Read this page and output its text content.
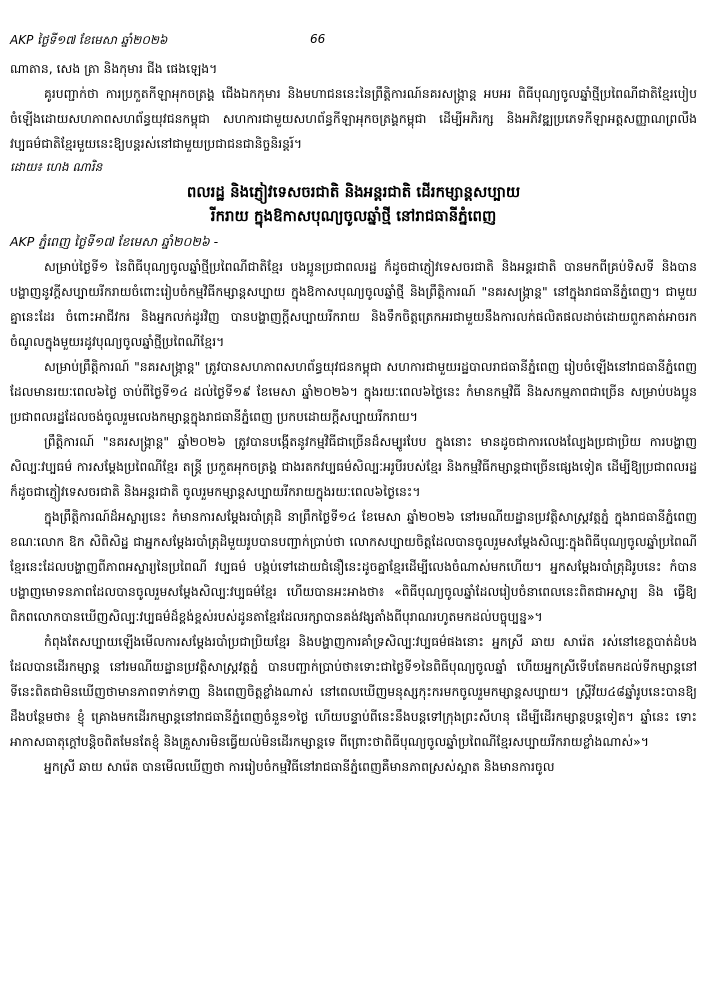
AKP ថ្ងៃទី១៧ ខែមេសា ឆ្នាំ២០២៦	66

ណាតាន, សេង ត្រា និងកុមារ ជីង ផេងឡេង។

គូរបញ្ជាក់ថា ការប្រកួតកីឡាអុកចត្រង្គ ជើងឯកកុមារ និងមហាជននេះនៃព្រឹត្តិការណ៍នគរសង្ក្រាន្ត អបអរ ពិធីបុណ្យចូលឆ្នាំថ្មីប្រពៃណីជាតិខ្មែរបៀបចំឡើងដោយសហភាពសហព័ន្ធយុវជនកម្ពុជា សហការជាមួយសហព័ន្ធកីឡាអុកចត្រង្គកម្ពុជា ដើម្បីអភិរក្ស និងអភិវឌ្ឍប្រភេទកីឡាអត្តសញ្ញាណព្រលឹងវប្បធម៌ជាតិខ្មែរមួយនេះឱ្យបន្តរស់នៅជាមួយប្រជាជនជានិច្ចនិរន្តរ៍។

ដោយ៖ ហេង ណារិន

ពលរដ្ឋ និងភ្ញៀវទេសចរជាតិ និងអន្តរជាតិ ដើរកម្សាន្តសប្បាយ
រីករាយ ក្នុងឱកាសបុណ្យចូលឆ្នាំថ្មី នៅរាជធានីភ្នំពេញ

AKP ភ្នំពេញ ថ្ងៃទី១៧ ខែមេសា ឆ្នាំ២០២៦ -

សម្រាប់ថ្ងៃទី១ នៃពិធីបុណ្យចូលឆ្នាំថ្មីប្រពៃណីជាតិខ្មែរ បងប្អូនប្រជាពលរដ្ឋ ក៏ដូចជាភ្ញៀវទេសចរជាតិ និងអន្តរជាតិ បានមកពីគ្រប់ទិសទី និងបានបង្ហាញនូវក្តីសប្បាយរីករាយចំពោះរៀបចំកម្មវិធីកម្សាន្តសប្បាយ ក្នុងឱកាសបុណ្យចូលឆ្នាំថ្មី និងព្រឹត្តិការណ៍ "នគរសង្ក្រាន្ត" នៅក្នុងរាជធានីភ្នំពេញ។ ជាមួយគ្នានេះដែរ ចំពោះអាជីវករ និងអ្នកលក់ដូរវិញ បានបង្ហាញក្តីសប្បាយរីករាយ និងទឹកចិត្តត្រេកអរជាមួយនឹងការលក់ផលិតផលដាច់ដោយពួកគាត់អាចរកចំណូលក្នុងមួយរដូវបុណ្យចូលឆ្នាំថ្មីប្រពៃណីខ្មែរ។

សម្រាប់ព្រឹត្តិការណ៍ "នគរសង្ក្រាន្ត" ត្រូវបានសហភាពសហព័ន្ធយុវជនកម្ពុជា សហការជាមួយរដ្ឋបាលរាជធានីភ្នំពេញ រៀបចំឡើងនៅរាជធានីភ្នំពេញ ដែលមានរយៈពេល៦ថ្ងៃ ចាប់ពីថ្ងៃទី១៤ ដល់ថ្ងៃទី១៩ ខែមេសា ឆ្នាំ២០២៦។ ក្នុងរយៈពេល៦ថ្ងៃនេះ កំមានកម្មវិធី និងសកម្មភាពជាច្រើន សម្រាប់បងប្អូនប្រជាពលរដ្ឋដែលចង់ចូលរួមលេងកម្សាន្តក្នុងរាជធានីភ្នំពេញ ប្រកបដោយក្តីសប្បាយរីករាយ។

ព្រឹត្តិការណ៍ "នគរសង្ក្រាន្ត" ឆ្នាំ២០២៦ ត្រូវបានបង្កើតនូវកម្មវិធីជាច្រើនដ៏សម្បូរបែប ក្នុងនោះ មានដូចជាការលេងល្បែងប្រជាប្រិយ ការបង្ហាញសិល្បៈវប្បធម៌ ការសម្តែងប្រពៃណីខ្មែរ តន្ត្រី ប្រកួតអុកចត្រង្គ ជាងរតកវប្បធម៌សិល្បៈអរូបីរបស់ខ្មែរ និងកម្មវិធីកម្សាន្តជាច្រើនផ្សេងទៀត ដើម្បីឱ្យប្រជាពលរដ្ឋក៏ដូចជាភ្ញៀវទេសចរជាតិ និងអន្តរជាតិ ចូលរួមកម្សាន្តសប្បាយរីករាយក្នុងរយៈពេល៦ថ្ងៃនេះ។

ក្នុងព្រឹត្តិការណ៍ដ៏អស្ចារ្យនេះ កំមានការសម្តែងរបាំត្រុដិ នាព្រឹកថ្ងៃទី១៤ ខែមេសា ឆ្នាំ២០២៦ នៅរមណីយដ្ឋានប្រវត្តិសាស្ត្រវត្តភ្នំ ក្នុងរាជធានីភ្នំពេញ ខណៈលោក ឱក សិពិសិដ្ឋ ជាអ្នកសម្តែងរបាំត្រុដិមួយរូបបានបញ្ជាក់ប្រាប់ថា លោកសប្បាយចិត្តដែលបានចូលរួមសម្តែងសិល្បៈក្នុងពិធីបុណ្យចូលឆ្នាំប្រពៃណីខ្មែរនេះដែលបង្ហាញពីភាពអស្ចារ្យនៃប្រពៃណី វប្បធម៌ បង្កប់ទៅដោយជំនឿនេះដូចគ្នាខ្មែរដើម្បីលេងចំណាស់មកហើយ។ អ្នកសម្តែងរបាំត្រុដិរូបនេះ កំបានបង្ហាញមោទនភាពដែលបានចូលរួមសម្តែងសិល្បៈវប្បធម៌ខ្មែរ ហើយបានអះអាងថា៖ «ពិធីបុណ្យចូលឆ្នាំដែលរៀបចំនាពេលនេះពិតជាអស្ចារ្យ និង ធ្វើឱ្យពិភពលោកបានឃើញសិល្បៈវប្បធម៌ដ៏ខ្ពង់ខ្ពស់របស់ដូនតាខ្មែរដែលរក្សាបានគង់វង្សតាំងពីបុរាណរហូតមកដល់បច្ចុប្បន្ន»។

កំពុងតែសប្បាយឡើងមើលការសម្តែងរបាំប្រជាប្រិយខ្មែរ និងបង្ហាញការគាំទ្រសិល្បៈវប្បធម៌ផងនោះ អ្នកស្រី ឆាយ សារ៉េត រស់នៅខេត្តបាត់ដំបង ដែលបានដើរកម្សាន្ត នៅរមណីយដ្ឋានប្រវត្តិសាស្ត្រវត្តភ្នំ បានបញ្ជាក់ប្រាប់ថា៖ទោះជាថ្ងៃទី១នៃពិធីបុណ្យចូលឆ្នាំ ហើយអ្នកស្រីទើបតែមកដល់ទីកម្សាន្តនៅទីនេះពិតជាមិនឃើញថាមានភាពទាក់ទាញ និងពេញចិត្តខ្លាំងណាស់ នៅពេលឃើញមនុស្សកុះករមកចូលរួមកម្សាន្តសប្បាយ។ ស្ត្រីវ័យ៤៨ឆ្នាំរូបនេះបានឱ្យដឹងបន្ថែមថា៖ ខ្ញុំ គ្រោងមកដើរកម្សាន្តនៅរាជធានីភ្នំពេញចំនួន១ថ្ងៃ ហើយបន្ទាប់ពីនេះនឹងបន្តទៅក្រុងព្រះសីហនុ ដើម្បីដើរកម្សាន្តបន្តទៀត។ ឆ្នាំនេះ ទោះអាកាសធាតុក្តៅបន្តិចពិតមែនតែខ្ញុំ និងគ្រួសារមិនធ្វើយល់មិនដើរកម្សាន្តទេ ពីព្រោះថាពិធីបុណ្យចូលឆ្នាំប្រពៃណីខ្មែរសប្បាយរីករាយខ្លាំងណាស់»។

អ្នកស្រី ឆាយ សារ៉េត បានមើលឃើញថា ការរៀបចំកម្មវិធីនៅរាជធានីភ្នំពេញគឺមានភាពស្រស់ស្អាត និងមានការចូល
